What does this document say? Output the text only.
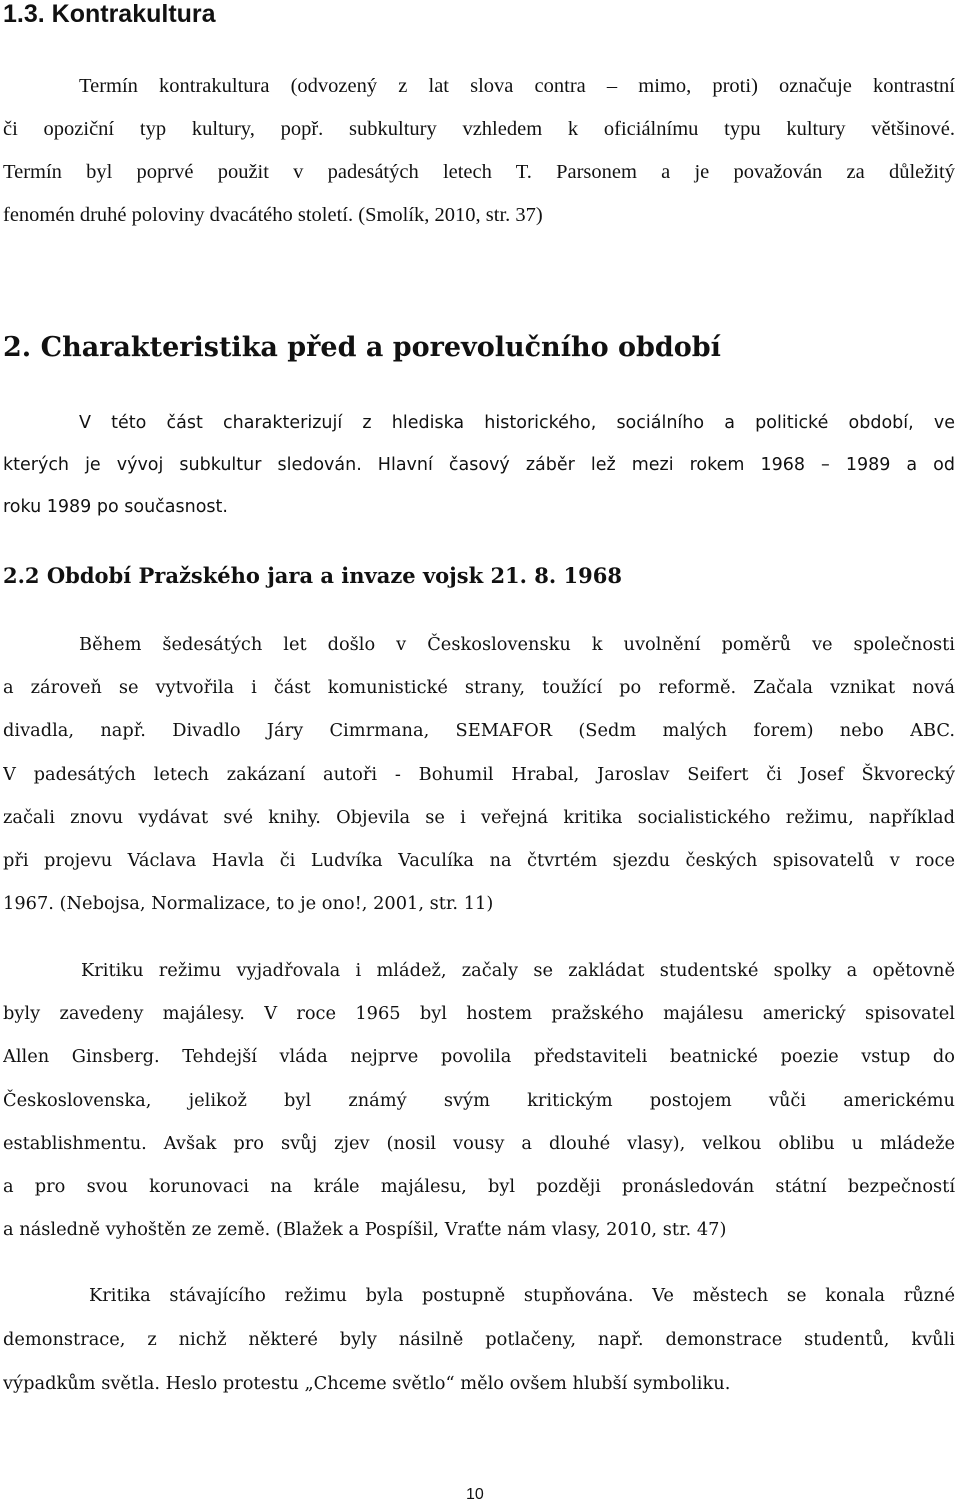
1.3. Kontrakultura
Termín kontrakultura (odvozený z lat slova contra – mimo, proti) označuje kontrastní
či opoziční typ kultury, popř. subkultury vzhledem k oficiálnímu typu kultury většinové.
Termín byl poprvé použit v padesátých letech T. Parsonem a je považován za důležitý
fenomén druhé poloviny dvacátého století. (Smolík, 2010, str. 37)
2. Charakteristika před a porevolučního období
V této část charakterizují z hlediska historického, sociálního a politické období, ve
kterých je vývoj subkultur sledován. Hlavní časový záběr lež mezi rokem 1968 – 1989 a od
roku 1989 po současnost.
2.2 Období Pražského jara a invaze vojsk 21. 8. 1968
Během šedesátých let došlo v Československu k uvolnění poměrů ve společnosti
a zároveň se vytvořila i část komunistické strany, toužící po reformě. Začala vznikat nová
divadla, např. Divadlo Járy Cimrmana, SEMAFOR (Sedm malých forem) nebo ABC.
V padesátých letech zakázaní autoři - Bohumil Hrabal, Jaroslav Seifert či Josef Škvorecký
začali znovu vydávat své knihy. Objevila se i veřejná kritika socialistického režimu, například
při projevu Václava Havla či Ludvíka Vaculíka na čtvrtém sjezdu českých spisovatelů v roce
1967. (Nebojsa, Normalizace, to je ono!, 2001, str. 11)
Kritiku režimu vyjadřovala i mládež, začaly se zakládat studentské spolky a opětovně
byly zavedeny majálesy. V roce 1965 byl hostem pražského majálesu americký spisovatel
Allen Ginsberg. Tehdejší vláda nejprve povolila představiteli beatnické poezie vstup do
Československa, jelikož byl známý svým kritickým postojem vůči americkému
establishmentu. Avšak pro svůj zjev (nosil vousy a dlouhé vlasy), velkou oblibu u mládeže
a pro svou korunovaci na krále majálesu, byl později pronásledován státní bezpečností
a následně vyhoštěn ze země. (Blažek a Pospíšil, Vraťte nám vlasy, 2010, str. 47)
Kritika stávajícího režimu byla postupně stupňována. Ve městech se konala různé
demonstrace, z nichž některé byly násilně potlačeny, např. demonstrace studentů, kvůli
výpadkům světla. Heslo protestu „Chceme světlo“ mělo ovšem hlubší symboliku.
10
